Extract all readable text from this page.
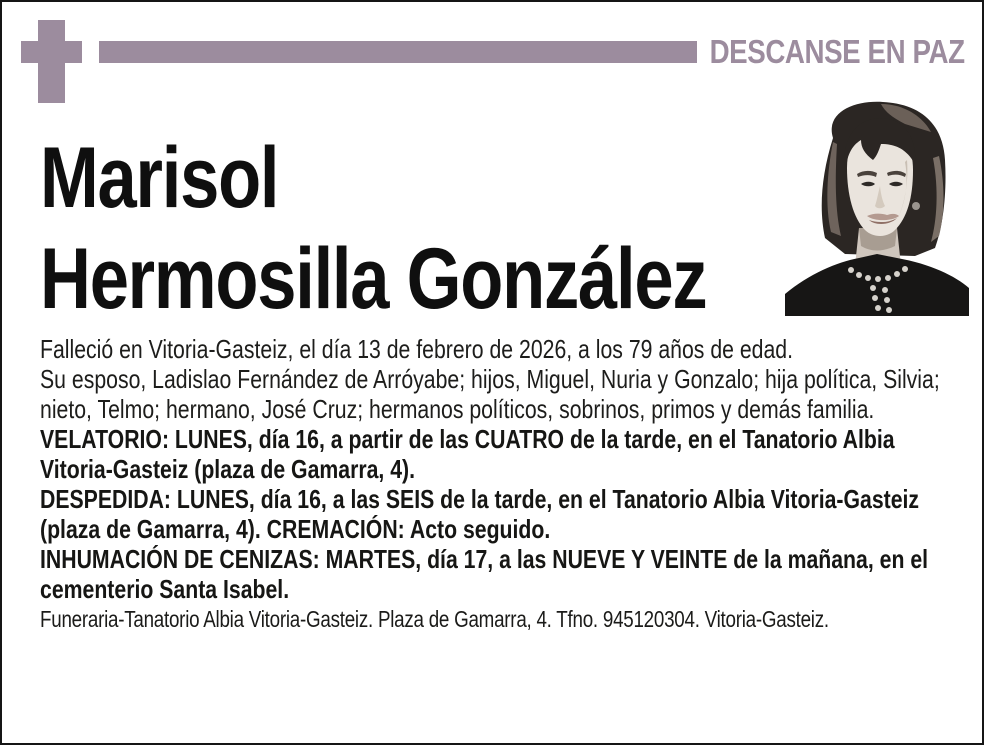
DESCANSE EN PAZ
Marisol
Hermosilla González

Falleció en Vitoria-Gasteiz, el día 13 de febrero de 2026, a los 79 años de edad.

Su esposo, Ladislao Fernández de Arróyabe; hijos, Miguel, Nuria y Gonzalo; hija política, Silvia; nieto, Telmo; hermano, José Cruz; hermanos políticos, sobrinos, primos y demás familia.

VELATORIO: LUNES, día 16, a partir de las CUATRO de la tarde, en el Tanatorio Albia Vitoria-Gasteiz (plaza de Gamarra, 4).

DESPEDIDA: LUNES, día 16, a las SEIS de la tarde, en el Tanatorio Albia Vitoria-Gasteiz (plaza de Gamarra, 4). CREMACIÓN: Acto seguido.

INHUMACIÓN DE CENIZAS: MARTES, día 17, a las NUEVE Y VEINTE de la mañana, en el cementerio Santa Isabel.

Funeraria-Tanatorio Albia Vitoria-Gasteiz. Plaza de Gamarra, 4. Tfno. 945120304. Vitoria-Gasteiz.
